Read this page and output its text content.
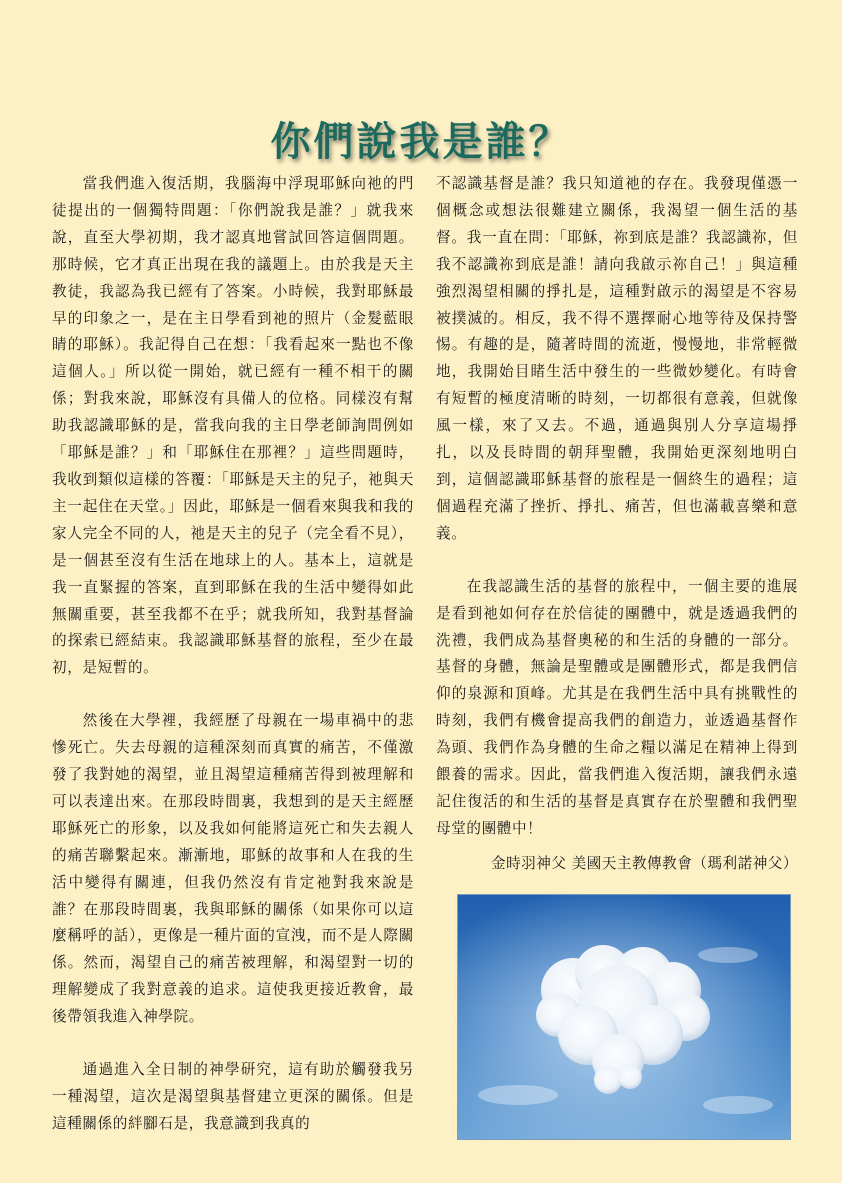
你們說我是誰？

當我們進入復活期，我腦海中浮現耶穌向祂的門徒提出的一個獨特問題：「你們說我是誰？」就我來說，直至大學初期，我才認真地嘗試回答這個問題。那時候，它才真正出現在我的議題上。由於我是天主教徒，我認為我已經有了答案。小時候，我對耶穌最早的印象之一，是在主日學看到祂的照片（金髮藍眼睛的耶穌）。我記得自己在想：「我看起來一點也不像這個人。」所以從一開始，就已經有一種不相干的關係；對我來說，耶穌沒有具備人的位格。同樣沒有幫助我認識耶穌的是，當我向我的主日學老師詢問例如「耶穌是誰？」和「耶穌住在那裡？」這些問題時，我收到類似這樣的答覆：「耶穌是天主的兒子，祂與天主一起住在天堂。」因此，耶穌是一個看來與我和我的家人完全不同的人，祂是天主的兒子（完全看不見），是一個甚至沒有生活在地球上的人。基本上，這就是我一直緊握的答案，直到耶穌在我的生活中變得如此無關重要，甚至我都不在乎；就我所知，我對基督論的探索已經結束。我認識耶穌基督的旅程，至少在最初，是短暫的。

然後在大學裡，我經歷了母親在一場車禍中的悲慘死亡。失去母親的這種深刻而真實的痛苦，不僅激發了我對她的渴望，並且渴望這種痛苦得到被理解和可以表達出來。在那段時間裏，我想到的是天主經歷耶穌死亡的形象，以及我如何能將這死亡和失去親人的痛苦聯繫起來。漸漸地，耶穌的故事和人在我的生活中變得有關連，但我仍然沒有肯定祂對我來說是誰？在那段時間裏，我與耶穌的關係（如果你可以這麼稱呼的話），更像是一種片面的宣洩，而不是人際關係。然而，渴望自己的痛苦被理解，和渴望對一切的理解變成了我對意義的追求。這使我更接近教會，最後帶領我進入神學院。

通過進入全日制的神學研究，這有助於觸發我另一種渴望，這次是渴望與基督建立更深的關係。但是這種關係的絆腳石是，我意識到我真的

不認識基督是誰？我只知道祂的存在。我發現僅憑一個概念或想法很難建立關係，我渴望一個生活的基督。我一直在問：「耶穌，祢到底是誰？我認識祢，但我不認識祢到底是誰！請向我啟示祢自己！」與這種強烈渴望相關的掙扎是，這種對啟示的渴望是不容易被撲滅的。相反，我不得不選擇耐心地等待及保持警惕。有趣的是，隨著時間的流逝，慢慢地，非常輕微地，我開始目睹生活中發生的一些微妙變化。有時會有短暫的極度清晰的時刻，一切都很有意義，但就像風一樣，來了又去。不過，通過與別人分享這場掙扎，以及長時間的朝拜聖體，我開始更深刻地明白到，這個認識耶穌基督的旅程是一個終生的過程；這個過程充滿了挫折、掙扎、痛苦，但也滿載喜樂和意義。

在我認識生活的基督的旅程中，一個主要的進展是看到祂如何存在於信徒的團體中，就是透過我們的洗禮，我們成為基督奧秘的和生活的身體的一部分。基督的身體，無論是聖體或是團體形式，都是我們信仰的泉源和頂峰。尤其是在我們生活中具有挑戰性的時刻，我們有機會提高我們的創造力，並透過基督作為頭、我們作為身體的生命之糧以滿足在精神上得到餵養的需求。因此，當我們進入復活期，讓我們永遠記住復活的和生活的基督是真實存在於聖體和我們聖母堂的團體中！

金時羽神父 美國天主教傳教會（瑪利諾神父）
